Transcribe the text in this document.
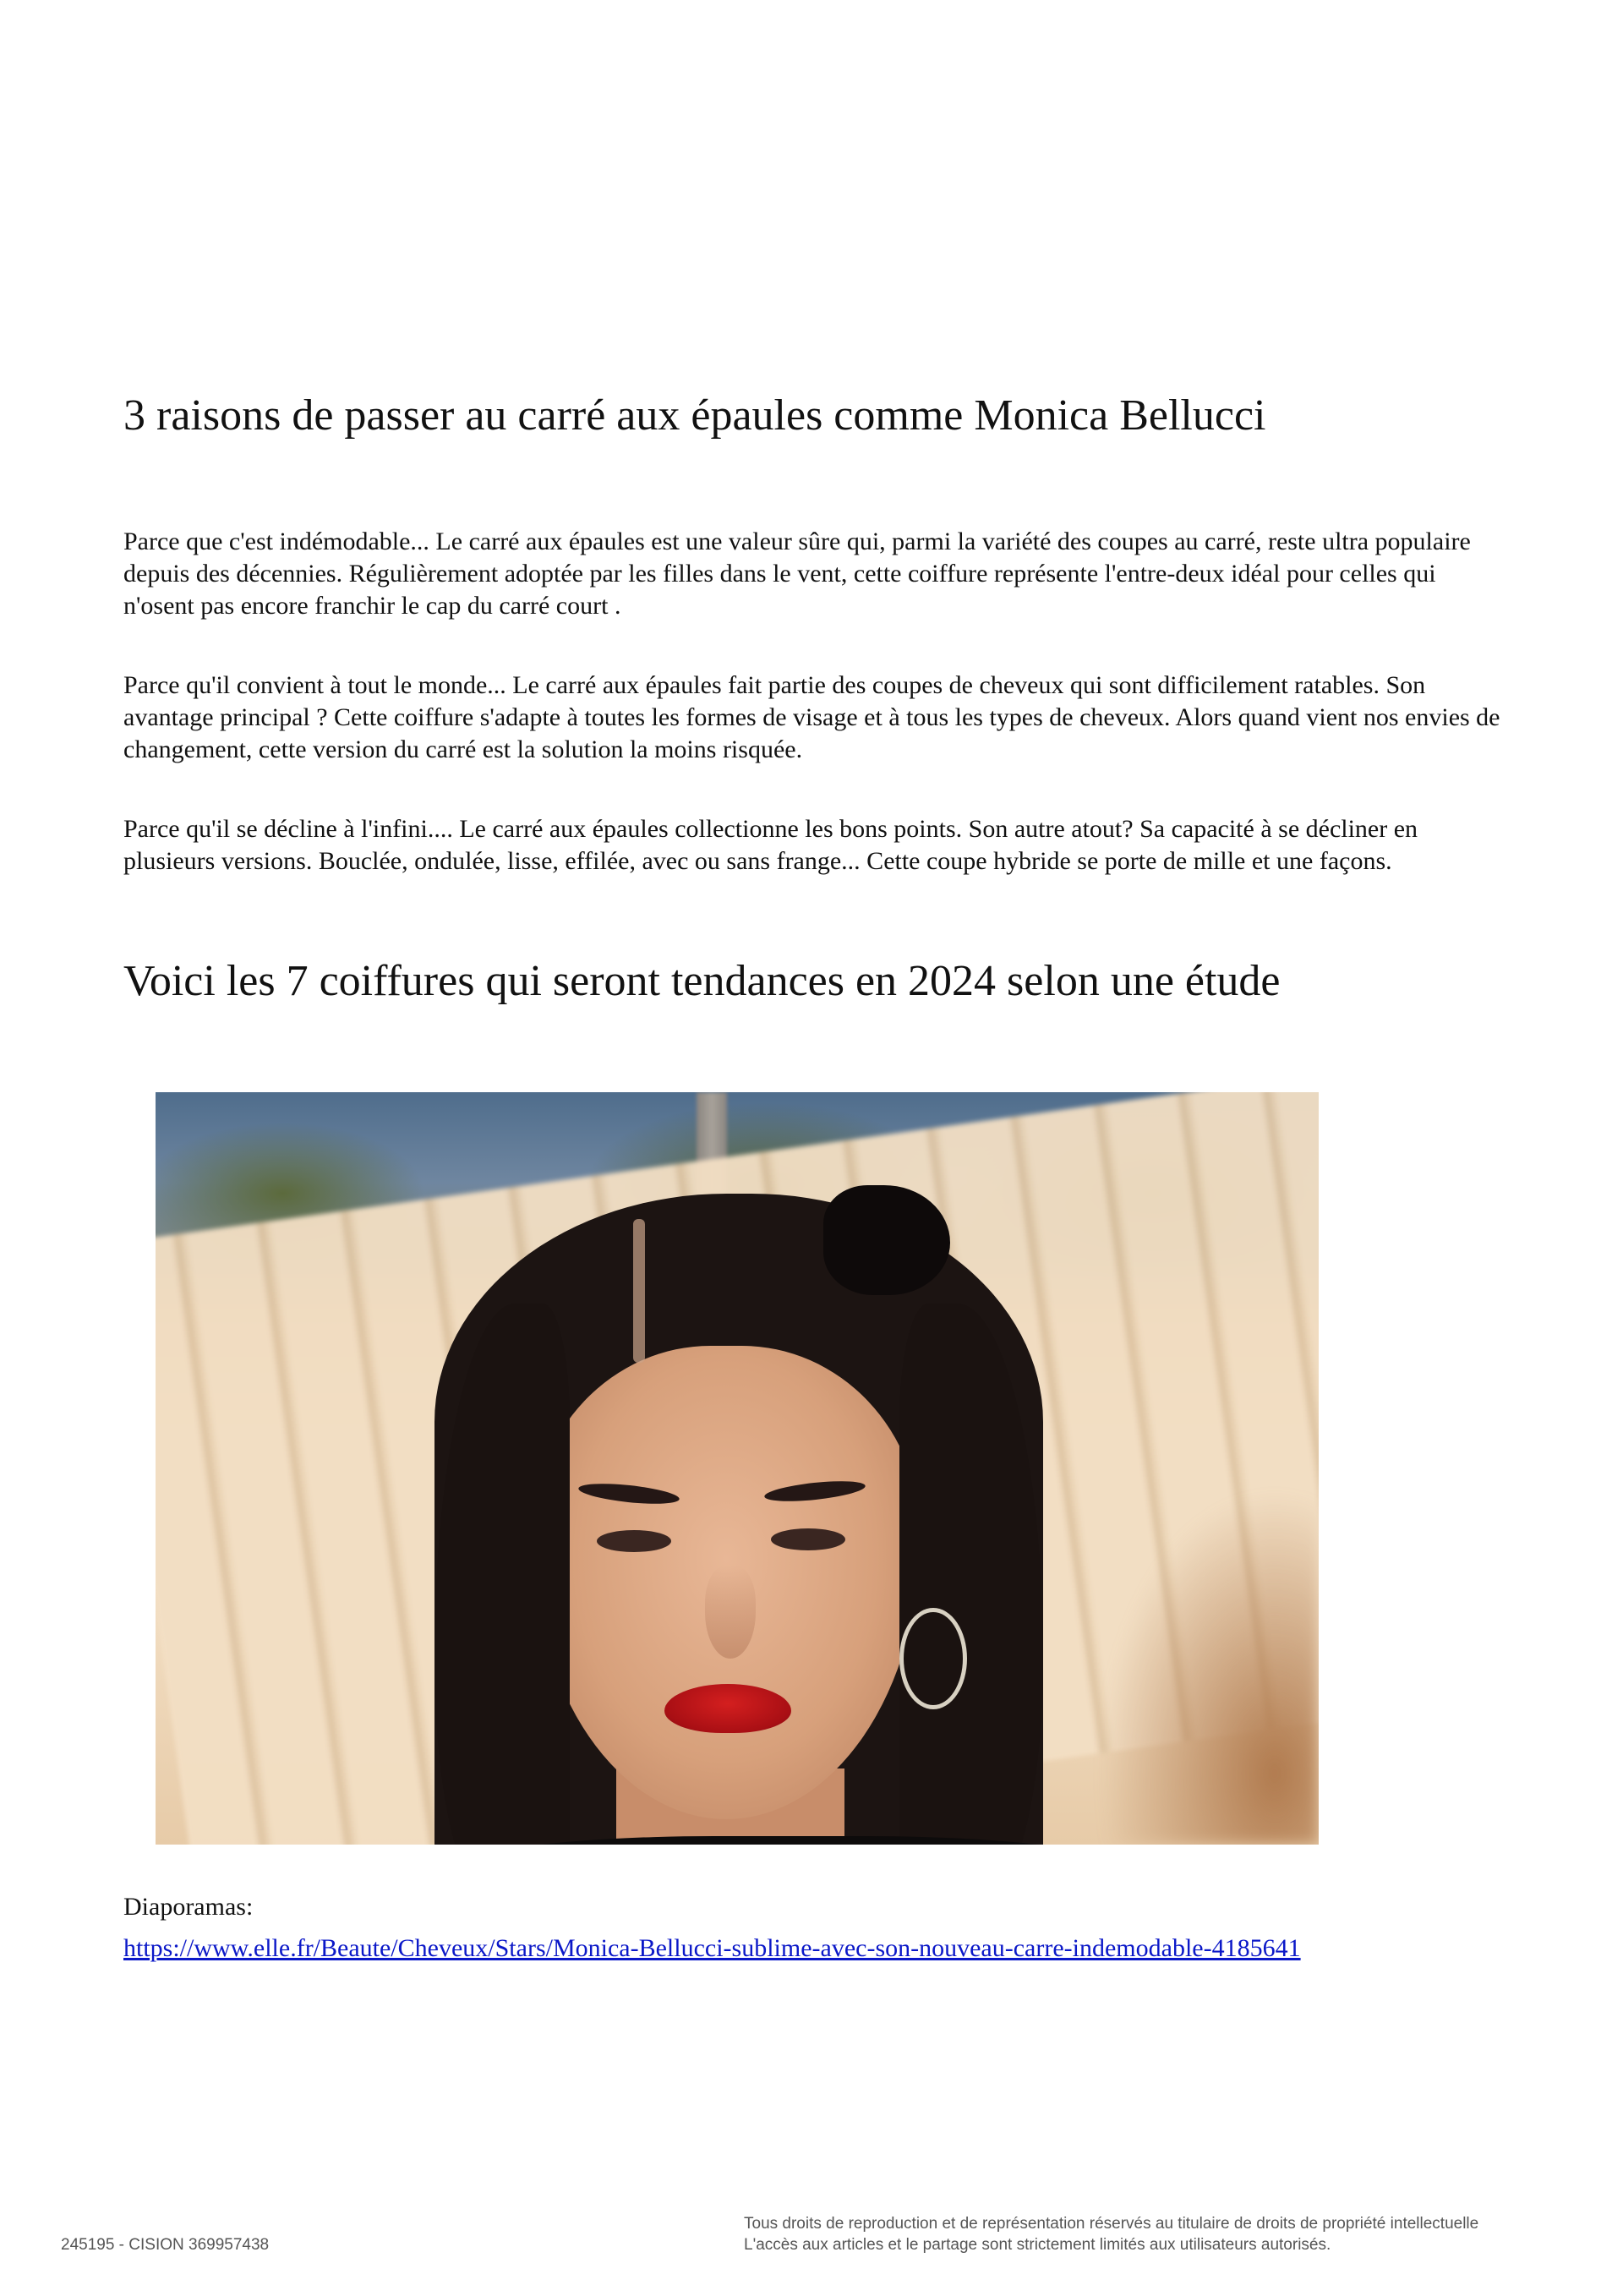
3 raisons de passer au carré aux épaules comme Monica Bellucci

Parce que c'est indémodable... Le carré aux épaules est une valeur sûre qui, parmi la variété des coupes au carré, reste ultra populaire depuis des décennies. Régulièrement adoptée par les filles dans le vent, cette coiffure représente l'entre-deux idéal pour celles qui n'osent pas encore franchir le cap du carré court .

Parce qu'il convient à tout le monde... Le carré aux épaules fait partie des coupes de cheveux qui sont difficilement ratables. Son avantage principal ? Cette coiffure s'adapte à toutes les formes de visage et à tous les types de cheveux. Alors quand vient nos envies de changement, cette version du carré est la solution la moins risquée.

Parce qu'il se décline à l'infini.... Le carré aux épaules collectionne les bons points. Son autre atout? Sa capacité à se décliner en plusieurs versions. Bouclée, ondulée, lisse, effilée, avec ou sans frange... Cette coupe hybride se porte de mille et une façons.

Voici les 7 coiffures qui seront tendances en 2024 selon une étude

Diaporamas:

https://www.elle.fr/Beaute/Cheveux/Stars/Monica-Bellucci-sublime-avec-son-nouveau-carre-indemodable-4185641
245195 - CISION 369957438
Tous droits de reproduction et de représentation réservés au titulaire de droits de propriété intellectuelle
L'accès aux articles et le partage sont strictement limités aux utilisateurs autorisés.
